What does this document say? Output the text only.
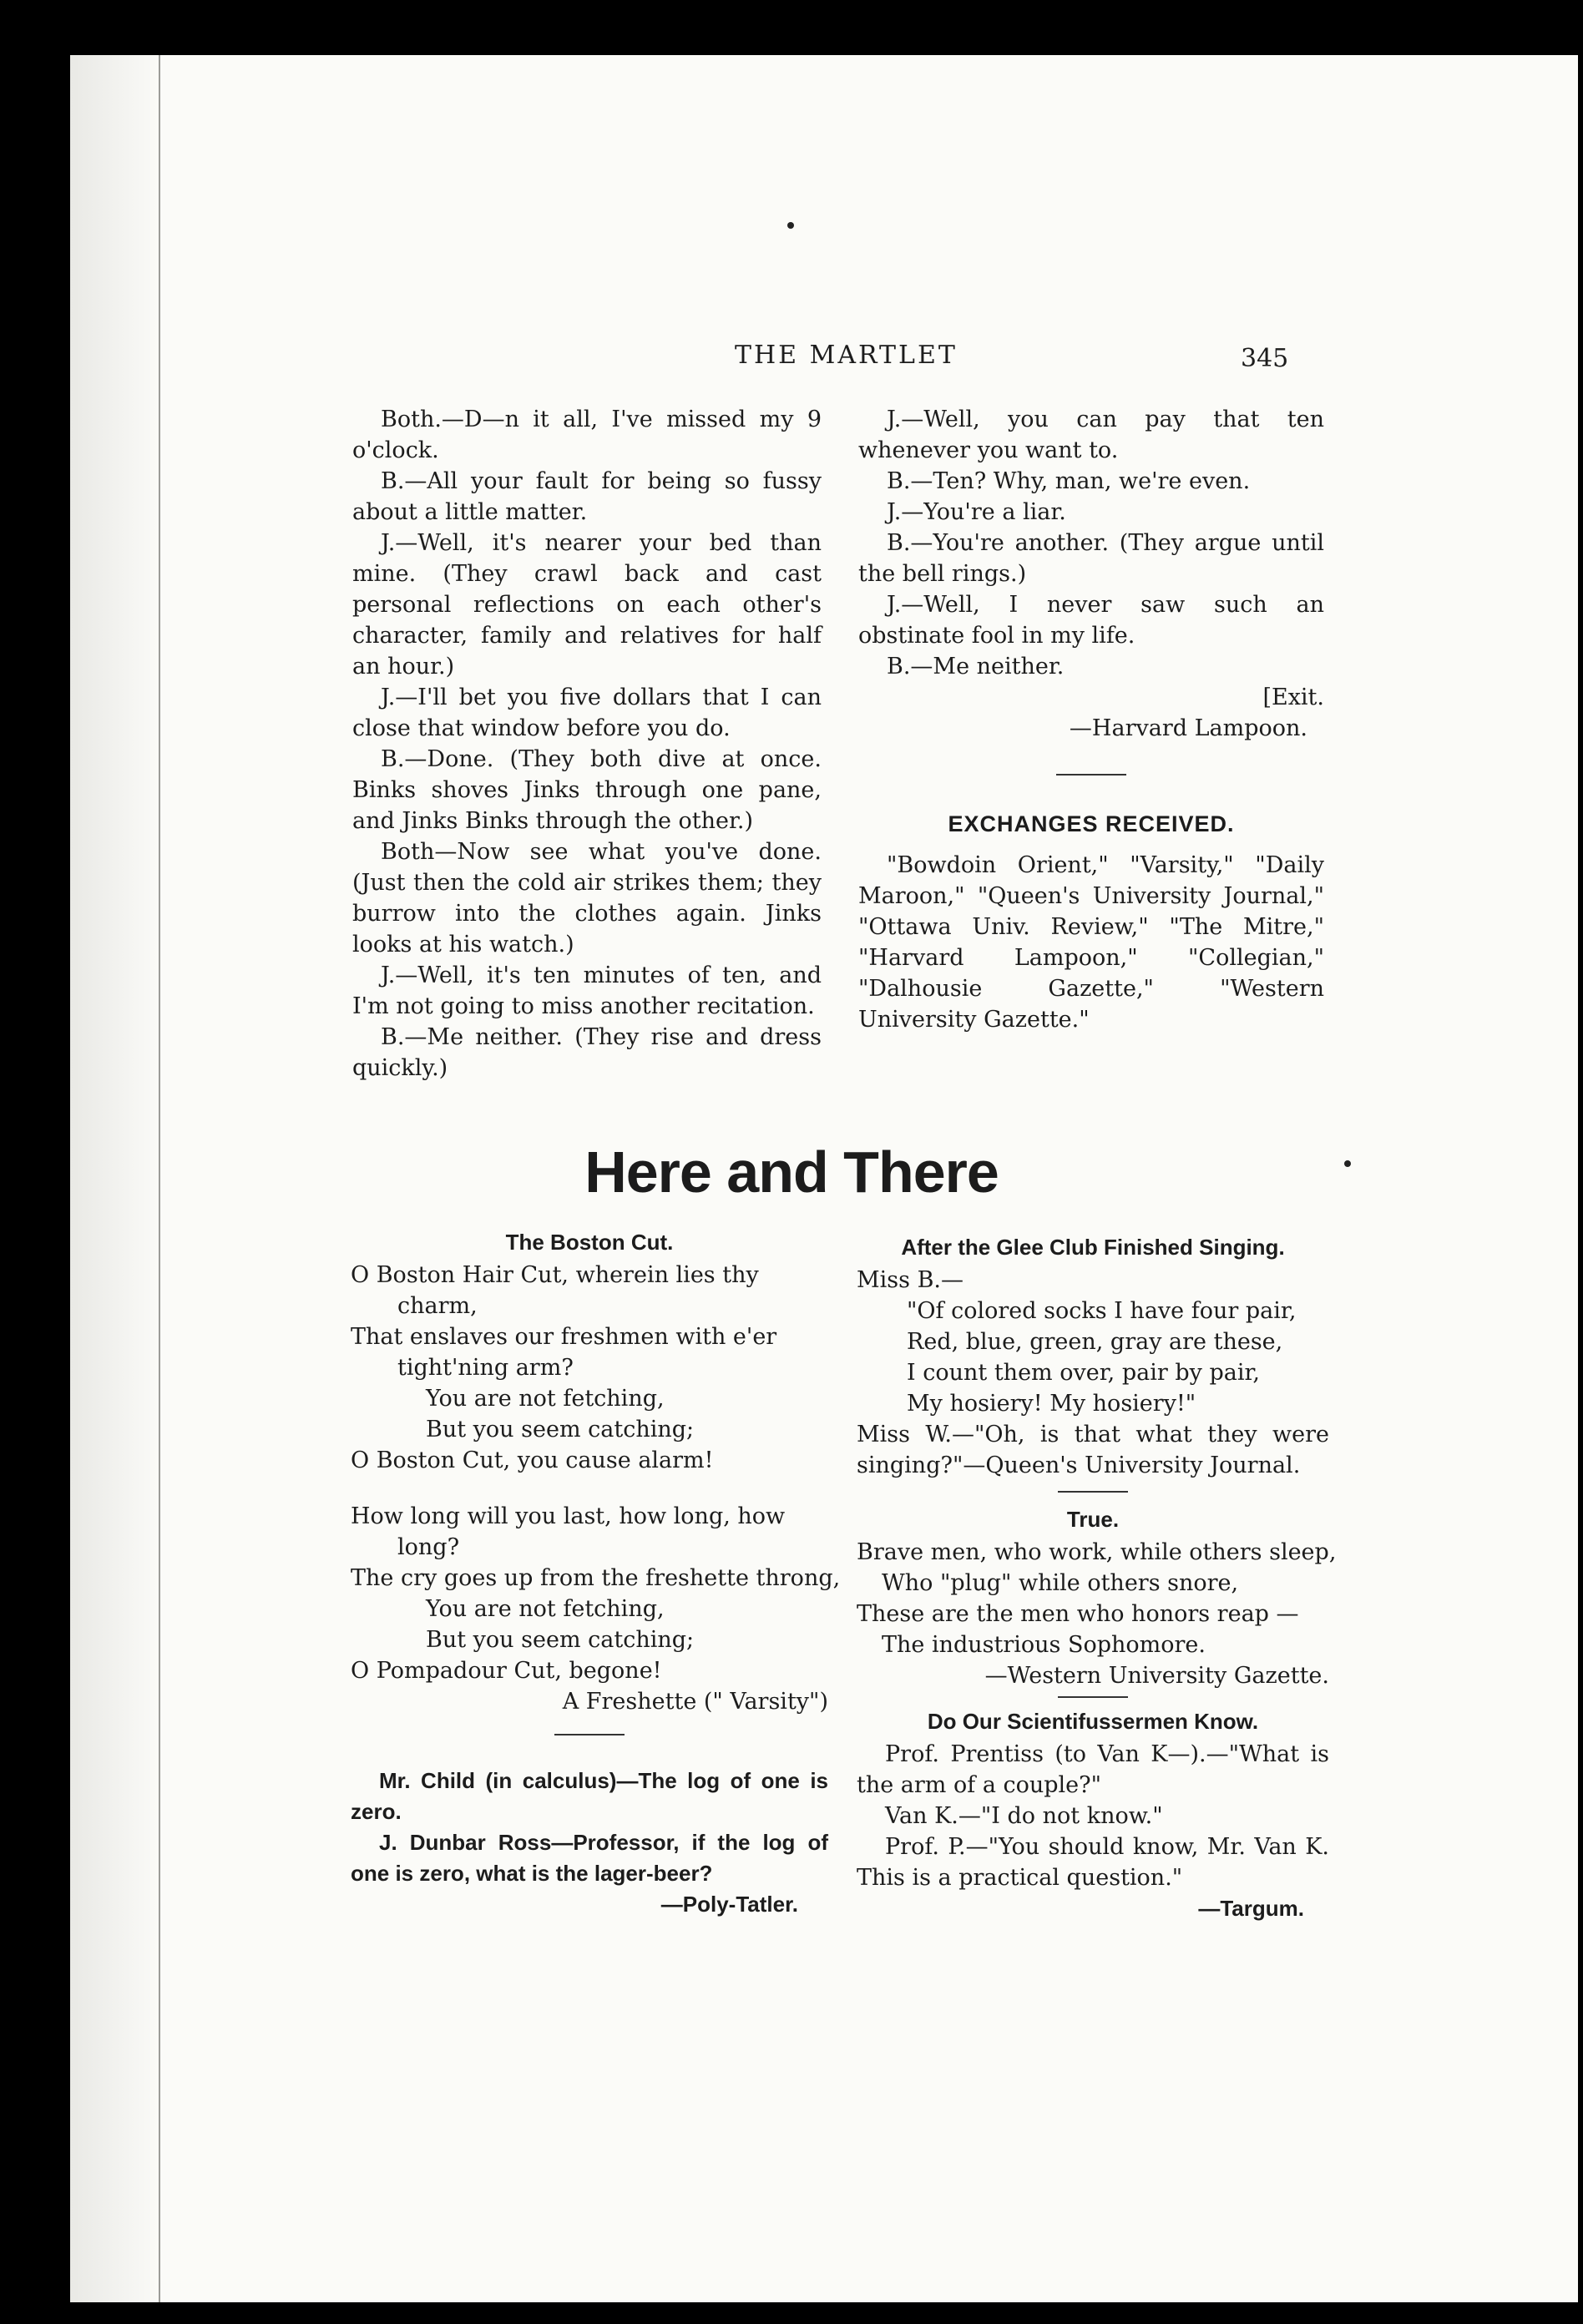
THE MARTLET	345

Both.—D—n it all, I've missed my 9 o'clock.

B.—All your fault for being so fussy about a little matter.

J.—Well, it's nearer your bed than mine. (They crawl back and cast personal reflections on each other's character, family and relatives for half an hour.)

J.—I'll bet you five dollars that I can close that window before you do.

B.—Done. (They both dive at once. Binks shoves Jinks through one pane, and Jinks Binks through the other.)

Both—Now see what you've done. (Just then the cold air strikes them; they burrow into the clothes again. Jinks looks at his watch.)

J.—Well, it's ten minutes of ten, and I'm not going to miss another recitation.

B.—Me neither. (They rise and dress quickly.)

J.—Well, you can pay that ten whenever you want to.

B.—Ten? Why, man, we're even.

J.—You're a liar.

B.—You're another. (They argue until the bell rings.)

J.—Well, I never saw such an obstinate fool in my life.

B.—Me neither.

[Exit.
—Harvard Lampoon.
EXCHANGES RECEIVED.

"Bowdoin Orient," "Varsity," "Daily Maroon," "Queen's University Journal," "Ottawa Univ. Review," "The Mitre," "Harvard Lampoon," "Collegian," "Dalhousie Gazette," "Western University Gazette."

Here and There
The Boston Cut.
O Boston Hair Cut, wherein lies thy
charm,
That enslaves our freshmen with e'er
tight'ning arm?
You are not fetching,
But you seem catching;
O Boston Cut, you cause alarm!
How long will you last, how long, how
long?
The cry goes up from the freshette throng,
You are not fetching,
But you seem catching;
O Pompadour Cut, begone!
A Freshette (" Varsity")

Mr. Child (in calculus)—The log of one is zero.

J. Dunbar Ross—Professor, if the log of one is zero, what is the lager-beer?

—Poly-Tatler.
After the Glee Club Finished Singing.
Miss B.—
"Of colored socks I have four pair,
Red, blue, green, gray are these,
I count them over, pair by pair,
My hosiery! My hosiery!"

Miss W.—"Oh, is that what they were singing?"—Queen's University Journal.

True.
Brave men, who work, while others sleep,
Who "plug" while others snore,
These are the men who honors reap —
The industrious Sophomore.
—Western University Gazette.
Do Our Scientifussermen Know.

Prof. Prentiss (to Van K—).—"What is the arm of a couple?"

Van K.—"I do not know."

Prof. P.—"You should know, Mr. Van K. This is a practical question."

—Targum.
